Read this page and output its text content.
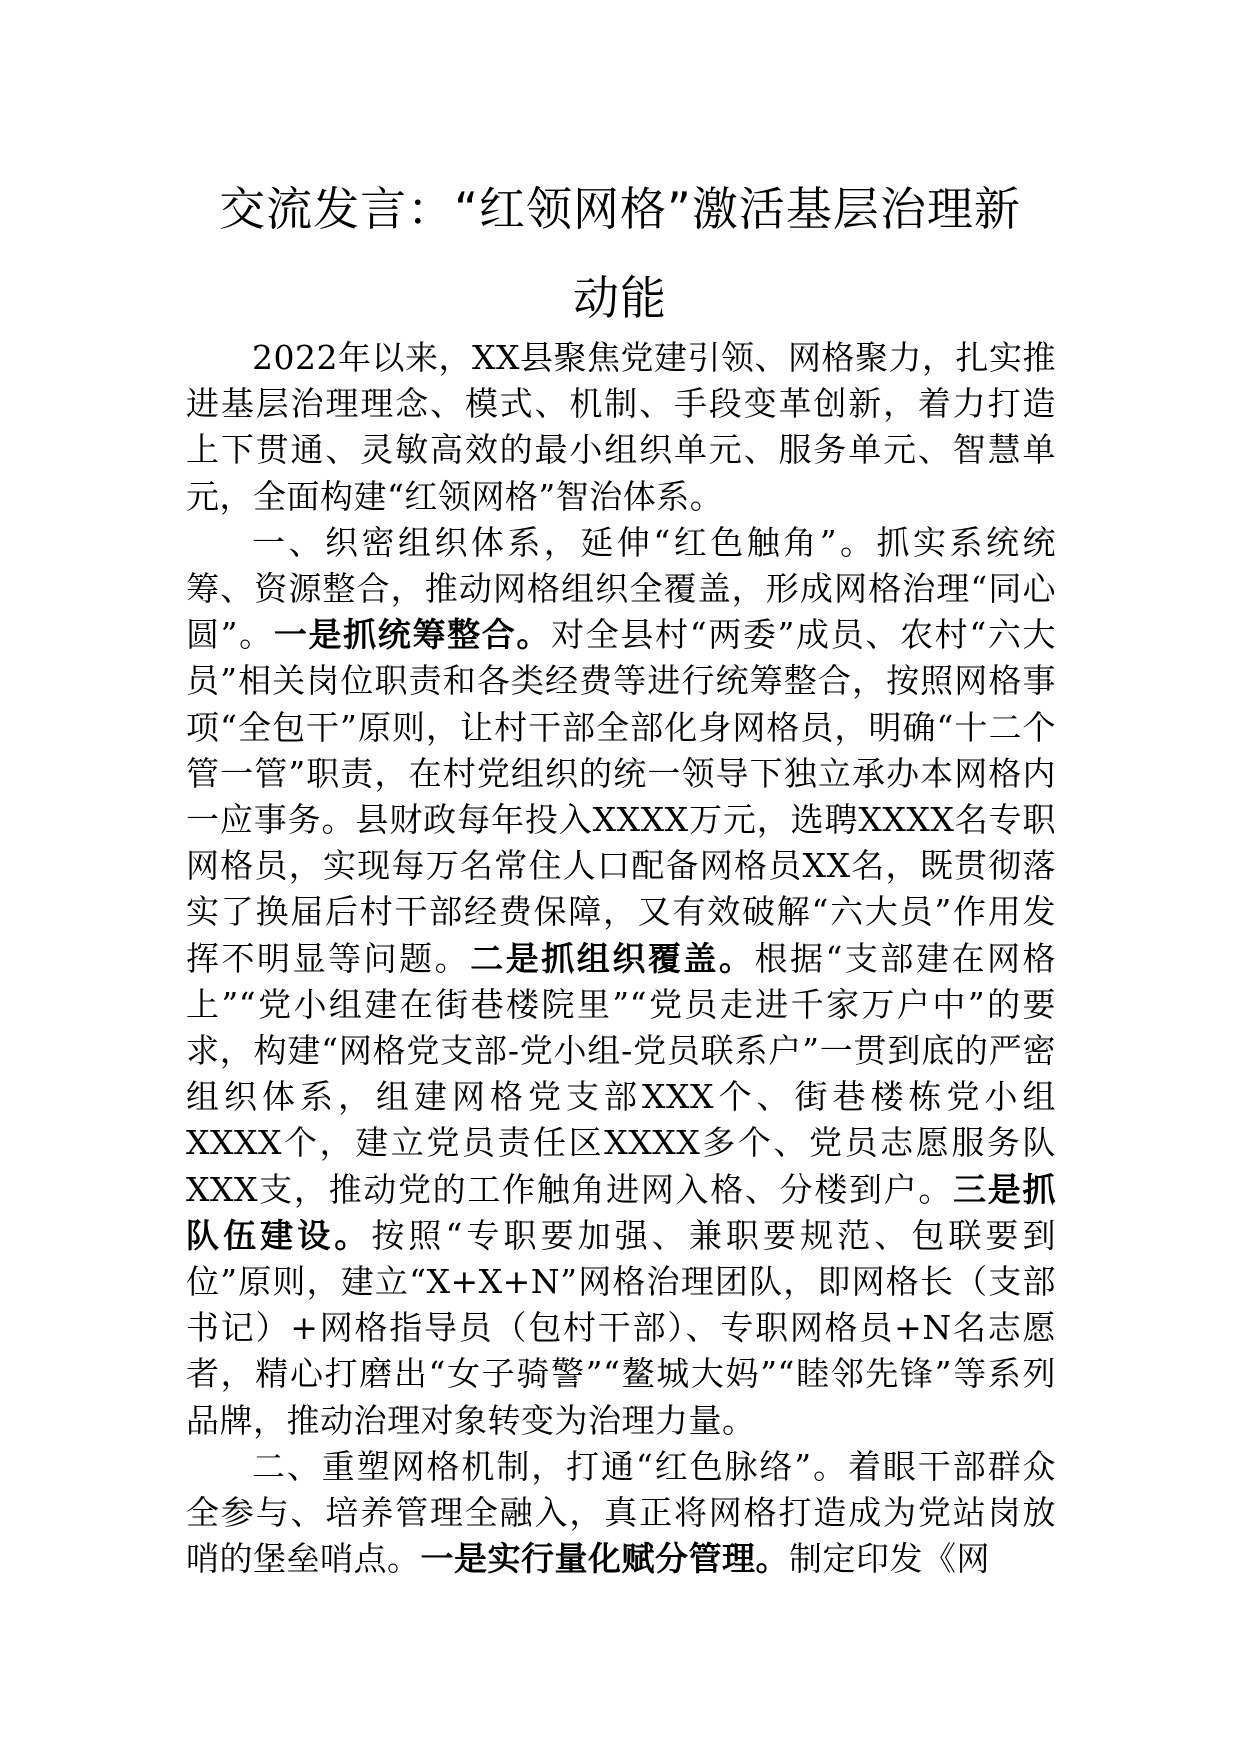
交流发言：“红领网格”激活基层治理新
动能

2022年以来，XX县聚焦党建引领、网格聚力，扎实推进基层治理理念、模式、机制、手段变革创新，着力打造上下贯通、灵敏高效的最小组织单元、服务单元、智慧单元，全面构建“红领网格”智治体系。

一、织密组织体系，延伸“红色触角”。抓实系统统筹、资源整合，推动网格组织全覆盖，形成网格治理“同心圆”。一是抓统筹整合。对全县村“两委”成员、农村“六大员”相关岗位职责和各类经费等进行统筹整合，按照网格事项“全包干”原则，让村干部全部化身网格员，明确“十二个管一管”职责，在村党组织的统一领导下独立承办本网格内一应事务。县财政每年投入XXXX万元，选聘XXXX名专职网格员，实现每万名常住人口配备网格员XX名，既贯彻落实了换届后村干部经费保障，又有效破解“六大员”作用发挥不明显等问题。二是抓组织覆盖。根据“支部建在网格上”“党小组建在街巷楼院里”“党员走进千家万户中”的要求，构建“网格党支部-党小组-党员联系户”一贯到底的严密组织体系，组建网格党支部XXX个、街巷楼栋党小组XXXX个，建立党员责任区XXXX多个、党员志愿服务队XXX支，推动党的工作触角进网入格、分楼到户。三是抓队伍建设。按照“专职要加强、兼职要规范、包联要到位”原则，建立“X+X+N”网格治理团队，即网格长（支部书记）+网格指导员（包村干部）、专职网格员+N名志愿者，精心打磨出“女子骑警”“鳌城大妈”“睦邻先锋”等系列品牌，推动治理对象转变为治理力量。

二、重塑网格机制，打通“红色脉络”。着眼干部群众全参与、培养管理全融入，真正将网格打造成为党站岗放哨的堡垒哨点。一是实行量化赋分管理。制定印发《网
